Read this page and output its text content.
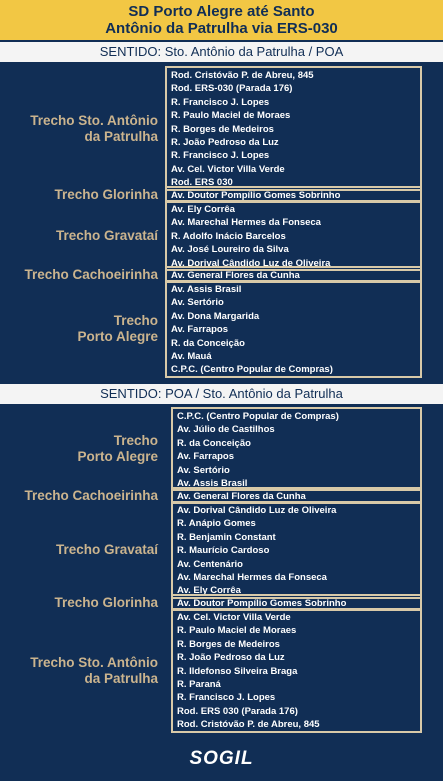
SD Porto Alegre até Santo
Antônio da Patrulha via ERS-030
SENTIDO: Sto. Antônio da Patrulha / POA
Rod. Cristóvão P. de Abreu, 845
Rod. ERS-030 (Parada 176)
R. Francisco J. Lopes
R. Paulo Maciel de Moraes
R. Borges de Medeiros
R. João Pedroso da Luz
R. Francisco J. Lopes
Av. Cel. Victor Villa Verde
Rod. ERS 030
Trecho Sto. Antônio
da Patrulha
Av. Doutor Pompílio Gomes Sobrinho
Trecho Glorinha
Av. Ely Corrêa
Av. Marechal Hermes da Fonseca
R. Adolfo Inácio Barcelos
Av. José Loureiro da Silva
Av. Dorival Cândido Luz de Oliveira
Trecho Gravataí
Av. General Flores da Cunha
Trecho Cachoeirinha
Av. Assis Brasil
Av. Sertório
Av. Dona Margarida
Av. Farrapos
R. da Conceição
Av. Mauá
C.P.C. (Centro Popular de Compras)
Trecho
Porto Alegre
SENTIDO: POA / Sto. Antônio da Patrulha
C.P.C. (Centro Popular de Compras)
Av. Júlio de Castilhos
R. da Conceição
Av. Farrapos
Av. Sertório
Av. Assis Brasil
Trecho
Porto Alegre
Av. General Flores da Cunha
Trecho Cachoeirinha
Av. Dorival Cândido Luz de Oliveira
R. Anápio Gomes
R. Benjamin Constant
R. Maurício Cardoso
Av. Centenário
Av. Marechal Hermes da Fonseca
Av. Ely Corrêa
Trecho Gravataí
Av. Doutor Pompílio Gomes Sobrinho
Trecho Glorinha
Av. Cel. Victor Villa Verde
R. Paulo Maciel de Moraes
R. Borges de Medeiros
R. João Pedroso da Luz
R. Ildefonso Silveira Braga
R. Paraná
R. Francisco J. Lopes
Rod. ERS 030 (Parada 176)
Rod. Cristóvão P. de Abreu, 845
Trecho Sto. Antônio
da Patrulha
SOGIL
